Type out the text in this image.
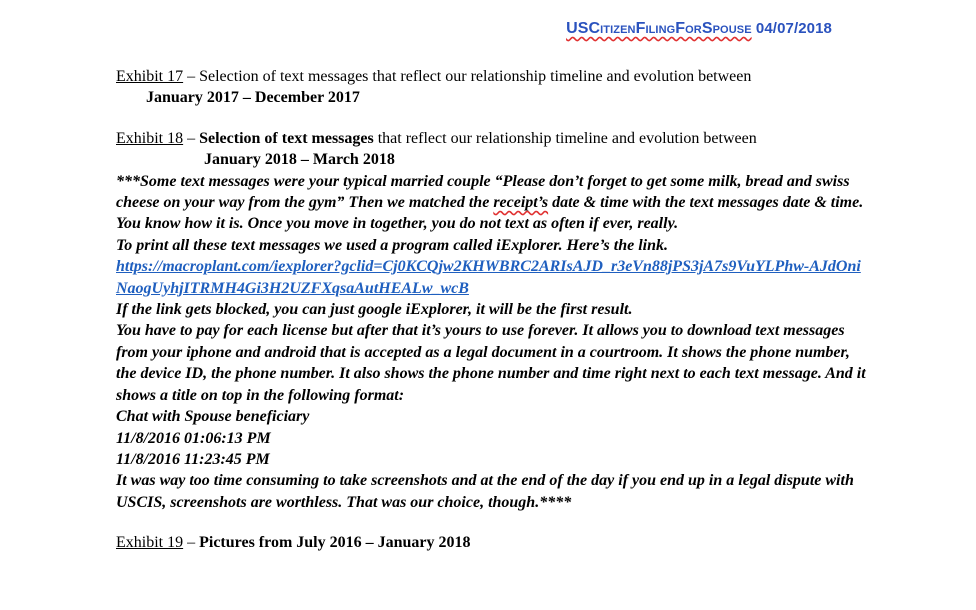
USCitizenFilingForSpouse 04/07/2018
Exhibit 17 – Selection of text messages that reflect our relationship timeline and evolution between
January 2017 – December 2017
Exhibit 18 – Selection of text messages that reflect our relationship timeline and evolution between
January 2018 – March 2018
***Some text messages were your typical married couple “Please don’t forget to get some milk, bread and swiss cheese on your way from the gym” Then we matched the receipt’s date & time with the text messages date & time. You know how it is. Once you move in together, you do not text as often if ever, really.
To print all these text messages we used a program called iExplorer. Here’s the link.
https://macroplant.com/iexplorer?gclid=Cj0KCQjw2KHWBRC2ARIsAJD_r3eVn88jPS3jA7s9VuYLPhw-AJdOniNaogUyhjITRMH4Gi3H2UZFXqsaAutHEALw_wcB
If the link gets blocked, you can just google iExplorer, it will be the first result.
You have to pay for each license but after that it’s yours to use forever. It allows you to download text messages from your iphone and android that is accepted as a legal document in a courtroom. It shows the phone number, the device ID, the phone number. It also shows the phone number and time right next to each text message. And it shows a title on top in the following format:
Chat with Spouse beneficiary
11/8/2016 01:06:13 PM
11/8/2016 11:23:45 PM
It was way too time consuming to take screenshots and at the end of the day if you end up in a legal dispute with USCIS, screenshots are worthless. That was our choice, though.****
Exhibit 19 – Pictures from July 2016 – January 2018
